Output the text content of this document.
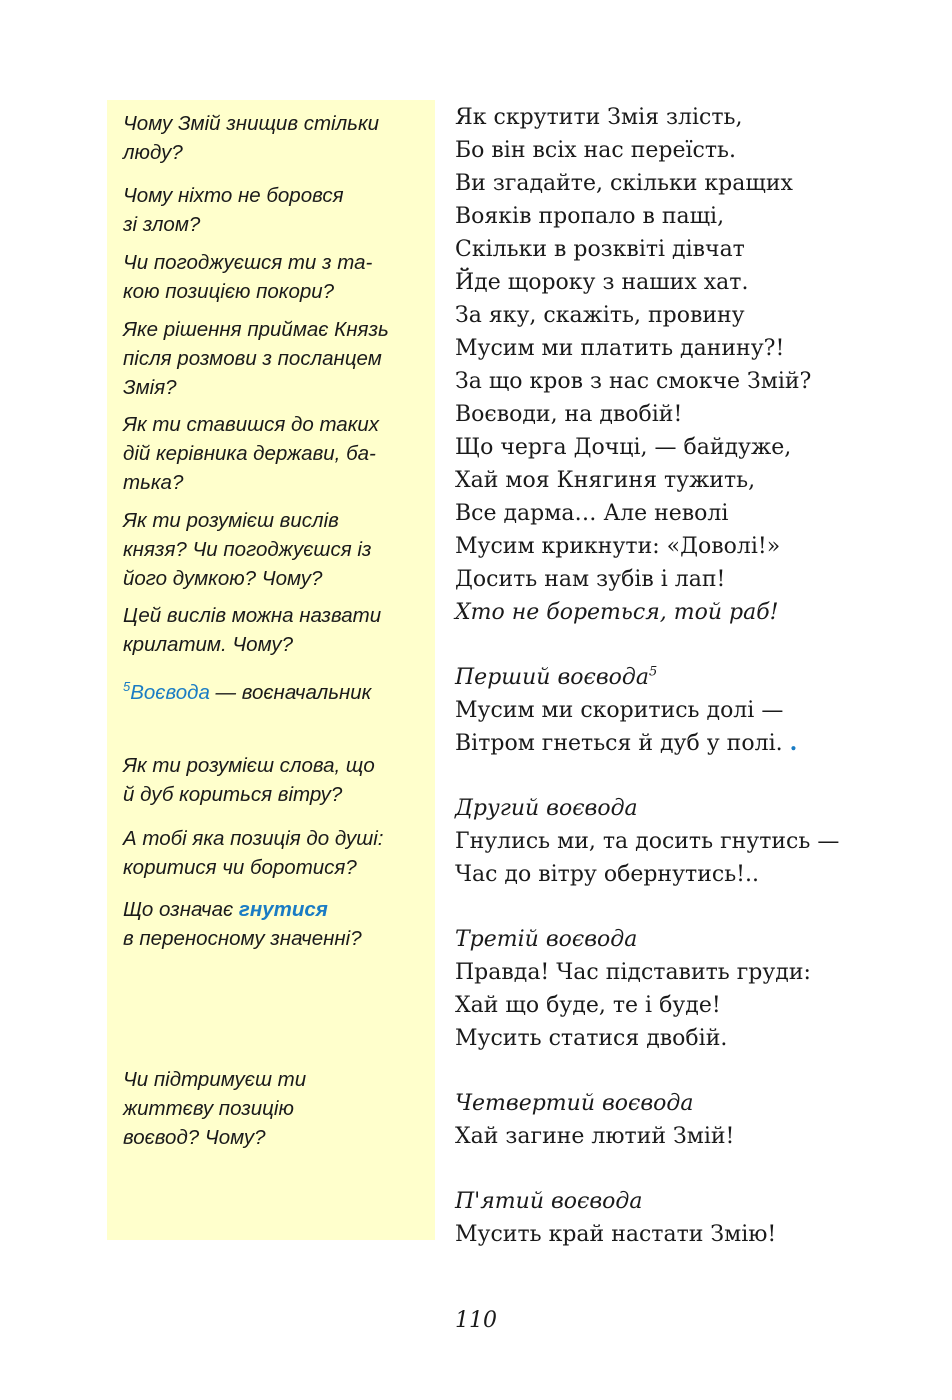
Чому Змій знищив стільки
люду?
Чому ніхто не боровся
зі злом?
Чи погоджуєшся ти з та-
кою позицією покори?
Яке рішення приймає Князь
після розмови з посланцем
Змія?
Як ти ставишся до таких
дій керівника держави, ба-
тька?
Як ти розумієш вислів
князя? Чи погоджуєшся із
його думкою? Чому?
Цей вислів можна назвати
крилатим. Чому?
$^5$Воєвода — воєначальник
Як ти розумієш слова, що
й дуб кориться вітру?
А тобі яка позиція до душі:
коритися чи боротися?
Що означає гнутися
в переносному значенні?
Чи підтримуєш ти
життєву позицію
воєвод? Чому?
Як скрутити Змія злість,
Бо він всіх нас переїсть.
Ви згадайте, скільки кращих
Вояків пропало в пащі,
Скільки в розквіті дівчат
Йде щороку з наших хат.
За яку, скажіть, провину
Мусим ми платить данину?!
За що кров з нас смокче Змій?
Воєводи, на двобій!
Що черга Дочці, — байдуже,
Хай моя Княгиня тужить,
Все дарма… Але неволі
Мусим крикнути: «Доволі!»
Досить нам зубів і лап!
Хто не бореться, той раб!
Перший воєвода$^5$
Мусим ми скоритись долі —
Вітром гнеться й дуб у полі. .
Другий воєвода
Гнулись ми, та досить гнутись —
Час до вітру обернутись!..
Третій воєвода
Правда! Час підставить груди:
Хай що буде, те і буде!
Мусить статися двобій.
Четвертий воєвода
Хай загине лютий Змій!
П'ятий воєвода
Мусить край настати Змію!
110
